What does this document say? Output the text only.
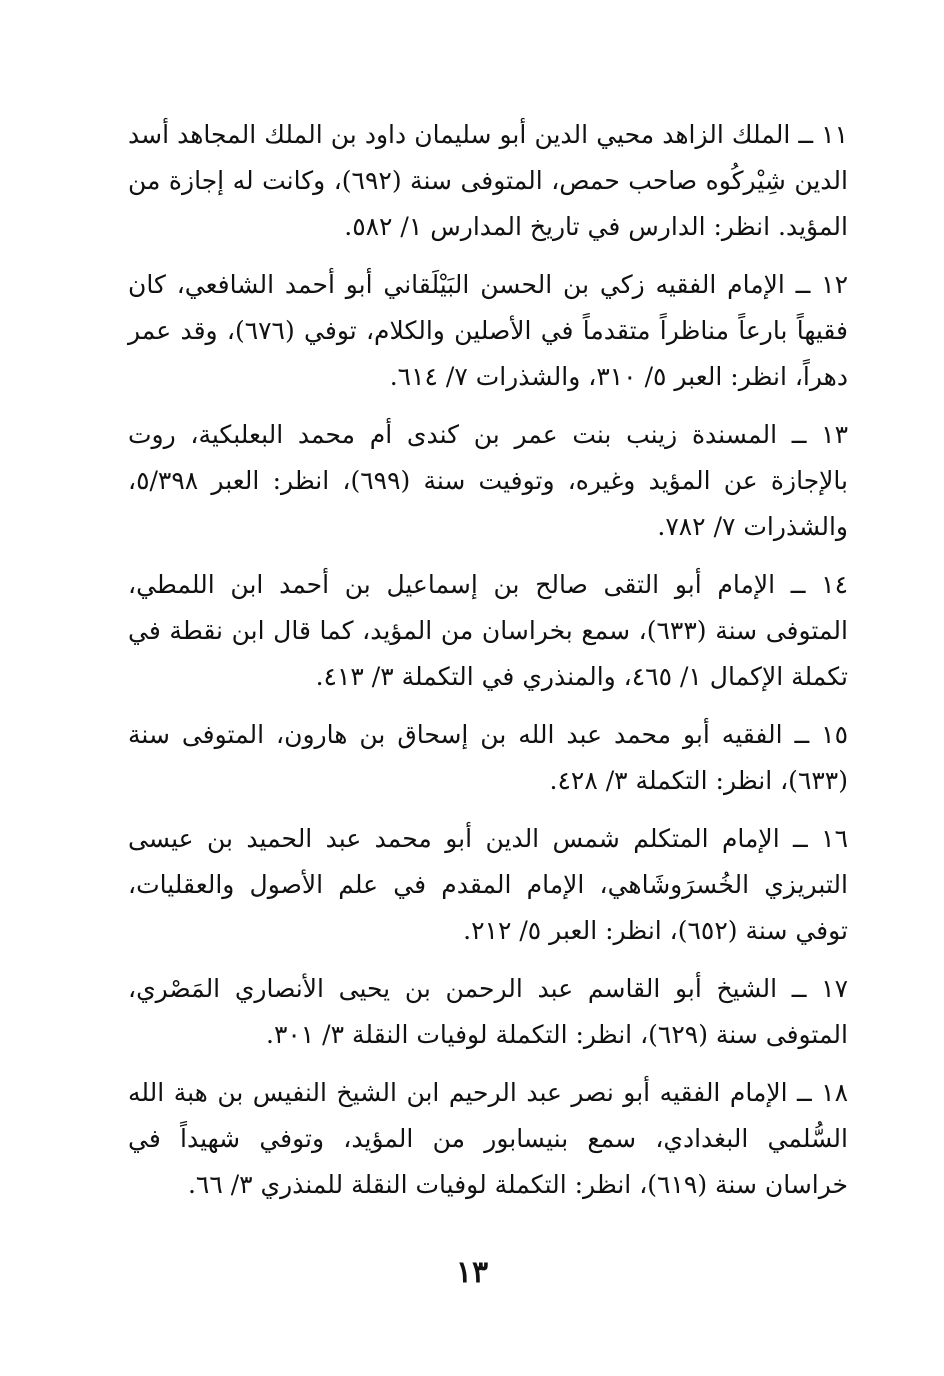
١١ ــ الملك الزاهد محيي الدين أبو سليمان داود بن الملك المجاهد أسد الدين شِيْركُوه صاحب حمص، المتوفى سنة (٦٩٢)، وكانت له إجازة من المؤيد. انظر: الدارس في تاريخ المدارس ١/ ٥٨٢.

١٢ ــ الإمام الفقيه زكي بن الحسن البَيْلَقاني أبو أحمد الشافعي، كان فقيهاً بارعاً مناظراً متقدماً في الأصلين والكلام، توفي (٦٧٦)، وقد عمر دهراً، انظر: العبر ٥/ ٣١٠، والشذرات ٧/ ٦١٤.

١٣ ــ المسندة زينب بنت عمر بن كندى أم محمد البعلبكية، روت بالإجازة عن المؤيد وغيره، وتوفيت سنة (٦٩٩)، انظر: العبر ٥/٣٩٨، والشذرات ٧/ ٧٨٢.

١٤ ــ الإمام أبو التقى صالح بن إسماعيل بن أحمد ابن اللمطي، المتوفى سنة (٦٣٣)، سمع بخراسان من المؤيد، كما قال ابن نقطة في تكملة الإكمال ١/ ٤٦٥، والمنذري في التكملة ٣/ ٤١٣.

١٥ ــ الفقيه أبو محمد عبد الله بن إسحاق بن هارون، المتوفى سنة (٦٣٣)، انظر: التكملة ٣/ ٤٢٨.

١٦ ــ الإمام المتكلم شمس الدين أبو محمد عبد الحميد بن عيسى التبريزي الخُسرَوشَاهي، الإمام المقدم في علم الأصول والعقليات، توفي سنة (٦٥٢)، انظر: العبر ٥/ ٢١٢.

١٧ ــ الشيخ أبو القاسم عبد الرحمن بن يحيى الأنصاري المَصْري، المتوفى سنة (٦٢٩)، انظر: التكملة لوفيات النقلة ٣/ ٣٠١.

١٨ ــ الإمام الفقيه أبو نصر عبد الرحيم ابن الشيخ النفيس بن هبة الله السُّلمي البغدادي، سمع بنيسابور من المؤيد، وتوفي شهيداً في خراسان سنة (٦١٩)، انظر: التكملة لوفيات النقلة للمنذري ٣/ ٦٦.

١٣
